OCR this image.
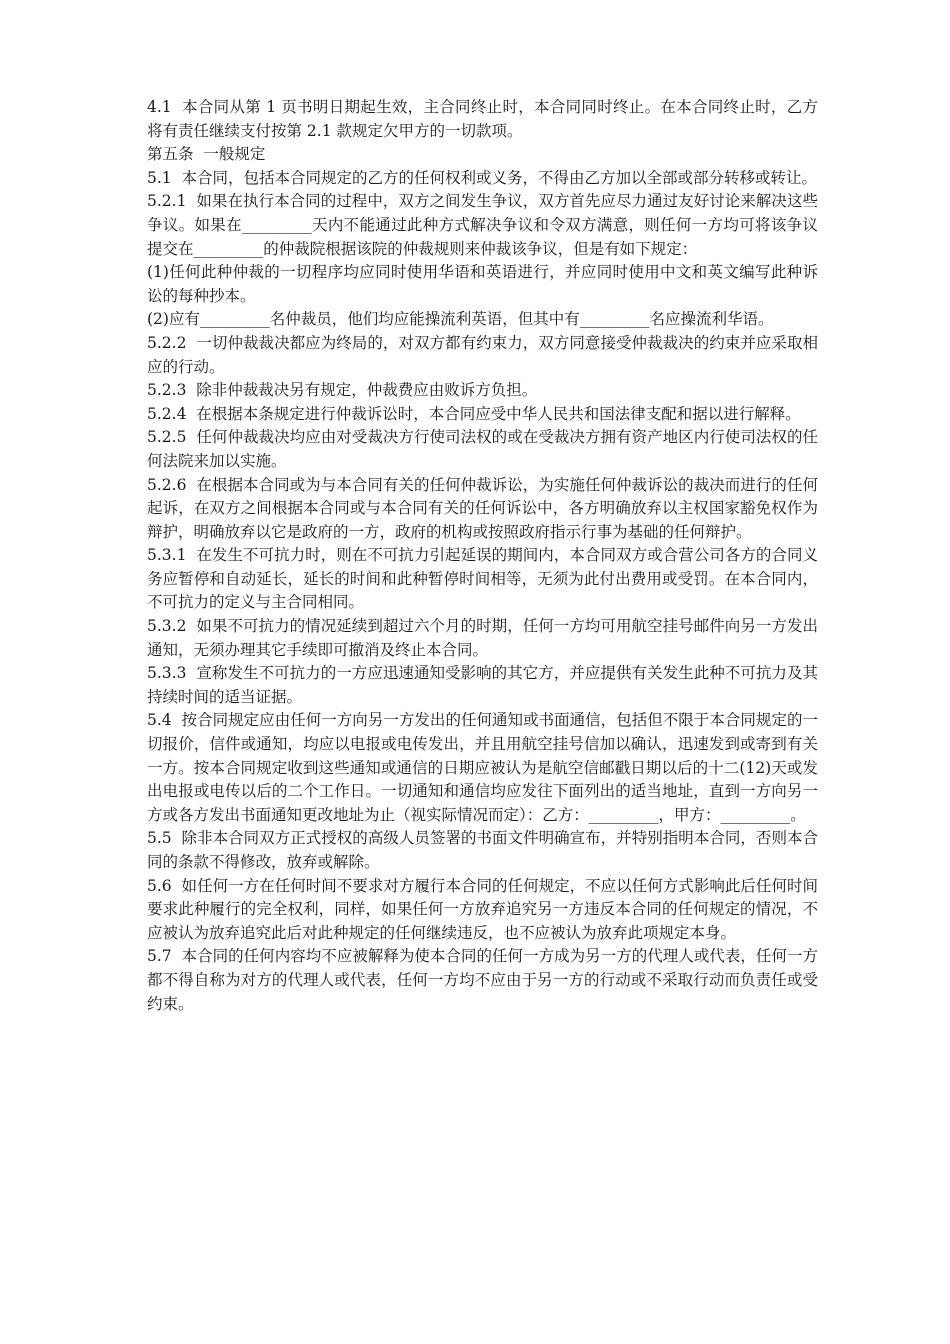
4.1  本合同从第 1 页书明日期起生效，主合同终止时，本合同同时终止。在本合同终止时，乙方将有责任继续支付按第 2.1 款规定欠甲方的一切款项。

第五条  一般规定

5.1  本合同，包括本合同规定的乙方的任何权利或义务，不得由乙方加以全部或部分转移或转让。

5.2.1  如果在执行本合同的过程中，双方之间发生争议，双方首先应尽力通过友好讨论来解决这些争议。如果在_________天内不能通过此种方式解决争议和令双方满意，则任何一方均可将该争议提交在_________的仲裁院根据该院的仲裁规则来仲裁该争议，但是有如下规定：

(1)任何此种仲裁的一切程序均应同时使用华语和英语进行，并应同时使用中文和英文编写此种诉讼的每种抄本。

(2)应有_________名仲裁员，他们均应能操流利英语，但其中有_________名应操流利华语。

5.2.2  一切仲裁裁决都应为终局的，对双方都有约束力，双方同意接受仲裁裁决的约束并应采取相应的行动。

5.2.3  除非仲裁裁决另有规定，仲裁费应由败诉方负担。

5.2.4  在根据本条规定进行仲裁诉讼时，本合同应受中华人民共和国法律支配和据以进行解释。

5.2.5  任何仲裁裁决均应由对受裁决方行使司法权的或在受裁决方拥有资产地区内行使司法权的任何法院来加以实施。

5.2.6  在根据本合同或为与本合同有关的任何仲裁诉讼，为实施任何仲裁诉讼的裁决而进行的任何起诉，在双方之间根据本合同或与本合同有关的任何诉讼中，各方明确放弃以主权国家豁免权作为辩护，明确放弃以它是政府的一方，政府的机构或按照政府指示行事为基础的任何辩护。

5.3.1  在发生不可抗力时，则在不可抗力引起延误的期间内，本合同双方或合营公司各方的合同义务应暂停和自动延长，延长的时间和此种暂停时间相等，无须为此付出费用或受罚。在本合同内，不可抗力的定义与主合同相同。

5.3.2  如果不可抗力的情况延续到超过六个月的时期，任何一方均可用航空挂号邮件向另一方发出通知，无须办理其它手续即可撤消及终止本合同。

5.3.3  宣称发生不可抗力的一方应迅速通知受影响的其它方，并应提供有关发生此种不可抗力及其持续时间的适当证据。

5.4  按合同规定应由任何一方向另一方发出的任何通知或书面通信，包括但不限于本合同规定的一切报价，信件或通知，均应以电报或电传发出，并且用航空挂号信加以确认，迅速发到或寄到有关一方。按本合同规定收到这些通知或通信的日期应被认为是航空信邮戳日期以后的十二(12)天或发出电报或电传以后的二个工作日。一切通知和通信均应发往下面列出的适当地址，直到一方向另一方或各方发出书面通知更改地址为止（视实际情况而定）：乙方：_________，甲方：_________。

5.5  除非本合同双方正式授权的高级人员签署的书面文件明确宣布，并特别指明本合同，否则本合同的条款不得修改，放弃或解除。

5.6  如任何一方在任何时间不要求对方履行本合同的任何规定，不应以任何方式影响此后任何时间要求此种履行的完全权利，同样，如果任何一方放弃追究另一方违反本合同的任何规定的情况，不应被认为放弃追究此后对此种规定的任何继续违反，也不应被认为放弃此项规定本身。

5.7  本合同的任何内容均不应被解释为使本合同的任何一方成为另一方的代理人或代表，任何一方都不得自称为对方的代理人或代表，任何一方均不应由于另一方的行动或不采取行动而负责任或受约束。
